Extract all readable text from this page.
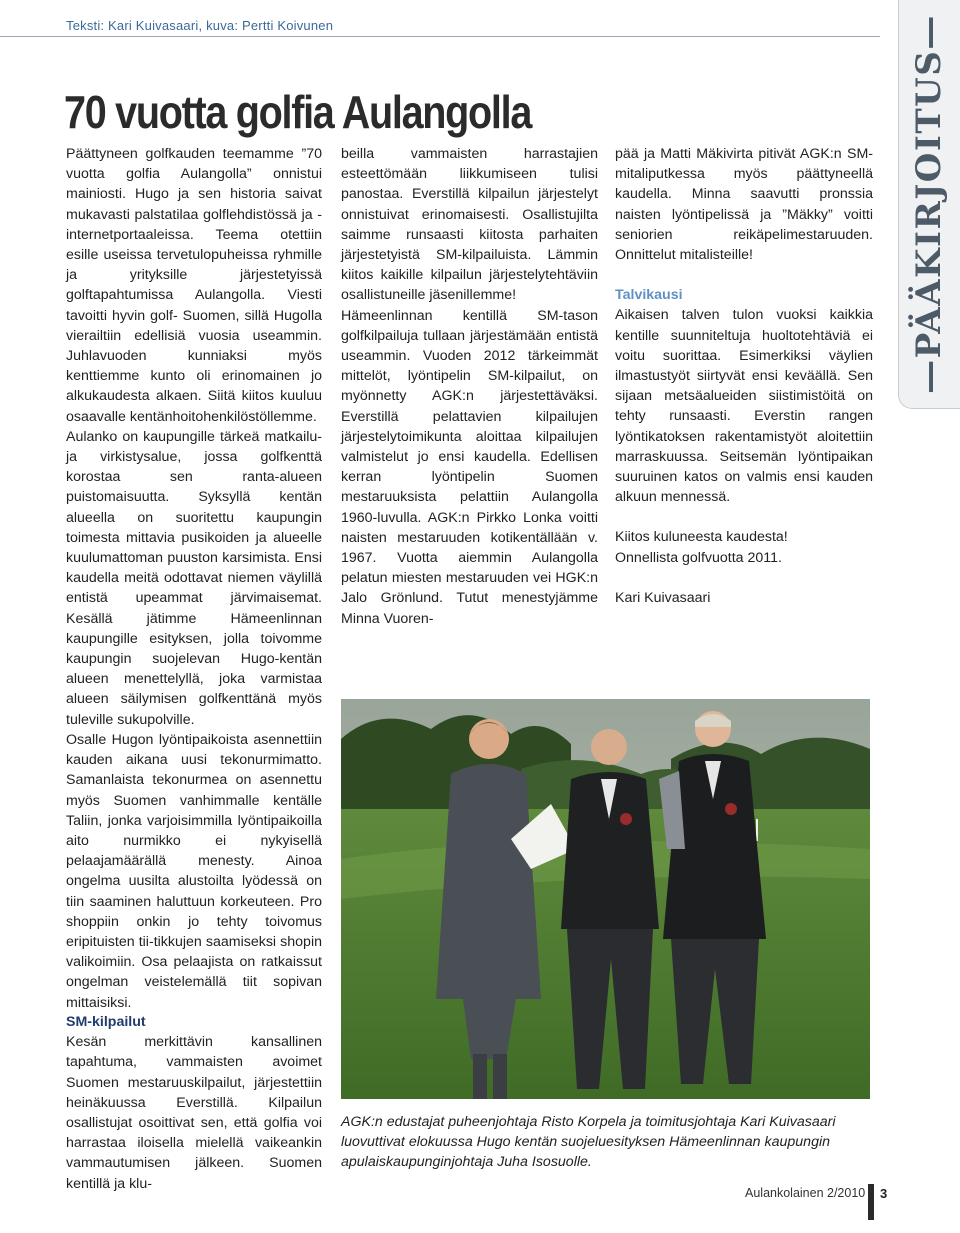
Teksti: Kari Kuivasaari, kuva: Pertti Koivunen	—PÄÄKIRJOITUS—
70 vuotta golfia Aulangolla

Päättyneen golfkauden teemamme ”70 vuotta golfia Aulangolla” onnistui mainiosti. Hugo ja sen historia saivat mukavasti palstatilaa golflehdistössä ja -internetportaaleissa. Teema otettiin esille useissa tervetulopuheissa ryhmille ja yrityksille järjestetyissä golftapahtumissa Aulangolla. Viesti tavoitti hyvin golf- Suomen, sillä Hugolla vierailtiin edellisiä vuosia useammin. Juhlavuoden kunniaksi myös kenttiemme kunto oli erinomainen jo alkukaudesta alkaen. Siitä kiitos kuuluu osaavalle kentänhoitohenkilöstöllemme.

Aulanko on kaupungille tärkeä matkailu- ja virkistysalue, jossa golfkenttä korostaa sen ranta-alueen puistomaisuutta. Syksyllä kentän alueella on suoritettu kaupungin toimesta mittavia pusikoiden ja alueelle kuulumattoman puuston karsimista. Ensi kaudella meitä odottavat niemen väylillä entistä upeammat järvimaisemat. Kesällä jätimme Hämeenlinnan kaupungille esityksen, jolla toivomme kaupungin suojelevan Hugo-kentän alueen menettelyllä, joka varmistaa alueen säilymisen golfkenttänä myös tuleville sukupolville.

Osalle Hugon lyöntipaikoista asennettiin kauden aikana uusi tekonurmimatto. Samanlaista tekonurmea on asennettu myös Suomen vanhimmalle kentälle Taliin, jonka varjoisimmilla lyöntipaikoilla aito nurmikko ei nykyisellä pelaajamäärällä menesty. Ainoa ongelma uusilta alustoilta lyödessä on tiin saaminen haluttuun korkeuteen. Pro shoppiin onkin jo tehty toivomus eripituisten tii-tikkujen saamiseksi shopin valikoimiin. Osa pelaajista on ratkaissut ongelman veistelemällä tiit sopivan mittaisiksi.

SM-kilpailut

Kesän merkittävin kansallinen tapahtuma, vammaisten avoimet Suomen mestaruuskilpailut, järjestettiin heinäkuussa Everstillä. Kilpailun osallistujat osoittivat sen, että golfia voi harrastaa iloisella mielellä vaikeankin vammautumisen jälkeen. Suomen kentillä ja klu-

beilla vammaisten harrastajien esteettömään liikkumiseen tulisi panostaa. Everstillä kilpailun järjestelyt onnistuivat erinomaisesti. Osallistujilta saimme runsaasti kiitosta parhaiten järjestetyistä SM-kilpailuista. Lämmin kiitos kaikille kilpailun järjestelytehtäviin osallistuneille jäsenillemme!

Hämeenlinnan kentillä SM-tason golfkilpailuja tullaan järjestämään entistä useammin. Vuoden 2012 tärkeimmät mittelöt, lyöntipelin SM-kilpailut, on myönnetty AGK:n järjestettäväksi. Everstillä pelattavien kilpailujen järjestelytoimikunta aloittaa kilpailujen valmistelut jo ensi kaudella. Edellisen kerran lyöntipelin Suomen mestaruuksista pelattiin Aulangolla 1960-luvulla. AGK:n Pirkko Lonka voitti naisten mestaruuden kotikentällään v. 1967. Vuotta aiemmin Aulangolla pelatun miesten mestaruuden vei HGK:n Jalo Grönlund. Tutut menestyjämme Minna Vuoren-

pää ja Matti Mäkivirta pitivät AGK:n SM-mitaliputkessa myös päättyneellä kaudella. Minna saavutti pronssia naisten lyöntipelissä ja ”Mäkky” voitti seniorien reikäpelimestaruuden. Onnittelut mitalisteille!

Talvikausi

Aikaisen talven tulon vuoksi kaikkia kentille suunniteltuja huoltotehtäviä ei voitu suorittaa. Esimerkiksi väylien ilmastustyöt siirtyvät ensi keväällä. Sen sijaan metsäalueiden siistimistöitä on tehty runsaasti. Everstin rangen lyöntikatoksen rakentamistyöt aloitettiin marraskuussa. Seitsemän lyöntipaikan suuruinen katos on valmis ensi kauden alkuun mennessä.

Kiitos kuluneesta kaudesta!
Onnellista golfvuotta 2011.
Kari Kuivasaari
AGK:n edustajat puheenjohtaja Risto Korpela ja toimitusjohtaja Kari Kuivasaari luovuttivat elokuussa Hugo kentän suojeluesityksen Hämeenlinnan kaupungin apulaiskaupunginjohtaja Juha Isosuolle.
Aulankolainen 2/2010 3
